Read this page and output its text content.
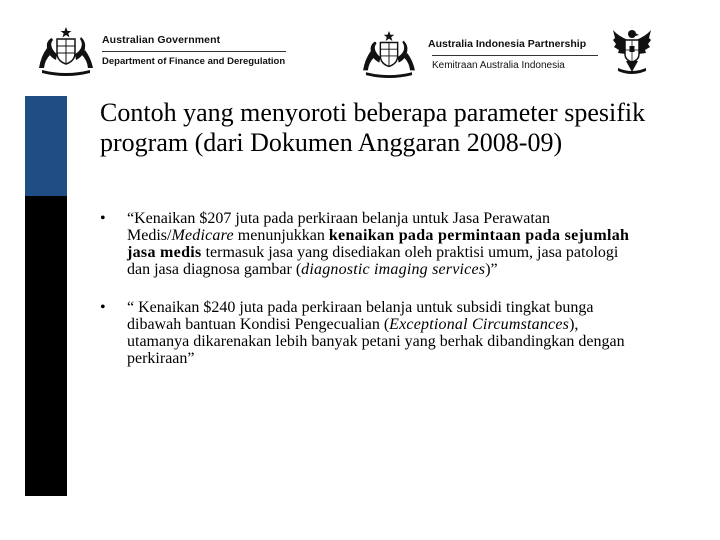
Australian Government
Department of Finance and Deregulation
Australia Indonesia Partnership
Kemitraan Australia Indonesia
Contoh yang menyoroti beberapa parameter spesifik program (dari Dokumen Anggaran 2008-09)
• “Kenaikan $207 juta pada perkiraan belanja untuk Jasa Perawatan Medis/Medicare menunjukkan kenaikan pada permintaan pada sejumlah jasa medis termasuk jasa yang disediakan oleh praktisi umum, jasa patologi dan jasa diagnosa gambar (diagnostic imaging services)”
• “ Kenaikan $240 juta pada perkiraan belanja untuk subsidi tingkat bunga dibawah bantuan Kondisi Pengecualian (Exceptional Circumstances), utamanya dikarenakan lebih banyak petani yang berhak dibandingkan dengan perkiraan”
